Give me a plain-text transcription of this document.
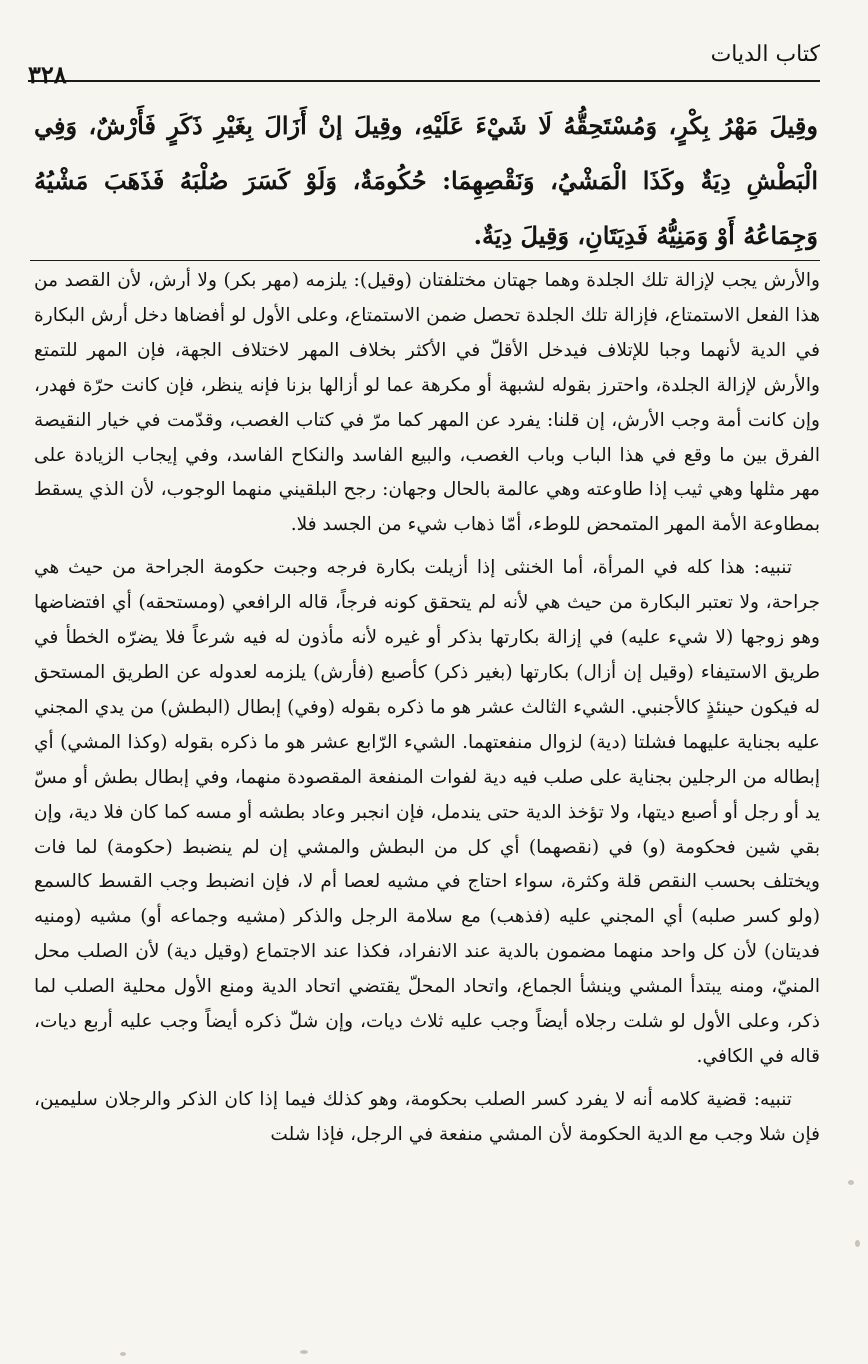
كتاب الديات
٣٢٨
وقِيلَ مَهْرُ بِكْرٍ، وَمُسْتَحِقُّهُ لَا شَيْءَ عَلَيْهِ، وقِيلَ إنْ أَزَالَ بِغَيْرِ ذَكَرٍ فَأَرْشٌ، وَفِي الْبَطْشِ دِيَةٌ وكَذَا الْمَشْيُ، وَنَقْصِهِمَا: حُكُومَةٌ، وَلَوْ كَسَرَ صُلْبَهُ فَذَهَبَ مَشْيُهُ وَجِمَاعُهُ أَوْ وَمَنِيُّهُ فَدِيَتَانِ، وَقِيلَ دِيَةٌ.

والأرش يجب لإزالة تلك الجلدة وهما جهتان مختلفتان (وقيل): يلزمه (مهر بكر) ولا أرش، لأن القصد من هذا الفعل الاستمتاع، فإزالة تلك الجلدة تحصل ضمن الاستمتاع، وعلى الأول لو أفضاها دخل أرش البكارة في الدية لأنهما وجبا للإتلاف فيدخل الأقلّ في الأكثر بخلاف المهر لاختلاف الجهة، فإن المهر للتمتع والأرش لإزالة الجلدة، واحترز بقوله لشبهة أو مكرهة عما لو أزالها بزنا فإنه ينظر، فإن كانت حرّة فهدر، وإن كانت أمة وجب الأرش، إن قلنا: يفرد عن المهر كما مرّ في كتاب الغصب، وقدّمت في خيار النقيصة الفرق بين ما وقع في هذا الباب وباب الغصب، والبيع الفاسد والنكاح الفاسد، وفي إيجاب الزيادة على مهر مثلها وهي ثيب إذا طاوعته وهي عالمة بالحال وجهان: رجح البلقيني منهما الوجوب، لأن الذي يسقط بمطاوعة الأمة المهر المتمحض للوطء، أمّا ذهاب شيء من الجسد فلا.

تنبيه: هذا كله في المرأة، أما الخنثى إذا أزيلت بكارة فرجه وجبت حكومة الجراحة من حيث هي جراحة، ولا تعتبر البكارة من حيث هي لأنه لم يتحقق كونه فرجاً، قاله الرافعي (ومستحقه) أي افتضاضها وهو زوجها (لا شيء عليه) في إزالة بكارتها بذكر أو غيره لأنه مأذون له فيه شرعاً فلا يضرّه الخطأ في طريق الاستيفاء (وقيل إن أزال) بكارتها (بغير ذكر) كأصبع (فأرش) يلزمه لعدوله عن الطريق المستحق له فيكون حينئذٍ كالأجنبي. الشيء الثالث عشر هو ما ذكره بقوله (وفي) إبطال (البطش) من يدي المجني عليه بجناية عليهما فشلتا (دية) لزوال منفعتهما. الشيء الرّابع عشر هو ما ذكره بقوله (وكذا المشي) أي إبطاله من الرجلين بجناية على صلب فيه دية لفوات المنفعة المقصودة منهما، وفي إبطال بطش أو مسّ يد أو رجل أو أصبع ديتها، ولا تؤخذ الدية حتى يندمل، فإن انجبر وعاد بطشه أو مسه كما كان فلا دية، وإن بقي شين فحكومة (و) في (نقصهما) أي كل من البطش والمشي إن لم ينضبط (حكومة) لما فات ويختلف بحسب النقص قلة وكثرة، سواء احتاج في مشيه لعصا أم لا، فإن انضبط وجب القسط كالسمع (ولو كسر صلبه) أي المجني عليه (فذهب) مع سلامة الرجل والذكر (مشيه وجماعه أو) مشيه (ومنيه فديتان) لأن كل واحد منهما مضمون بالدية عند الانفراد، فكذا عند الاجتماع (وقيل دية) لأن الصلب محل المنيّ، ومنه يبتدأ المشي وينشأ الجماع، واتحاد المحلّ يقتضي اتحاد الدية ومنع الأول محلية الصلب لما ذكر، وعلى الأول لو شلت رجلاه أيضاً وجب عليه ثلاث ديات، وإن شلّ ذكره أيضاً وجب عليه أربع ديات، قاله في الكافي.

تنبيه: قضية كلامه أنه لا يفرد كسر الصلب بحكومة، وهو كذلك فيما إذا كان الذكر والرجلان سليمين، فإن شلا وجب مع الدية الحكومة لأن المشي منفعة في الرجل، فإذا شلت
